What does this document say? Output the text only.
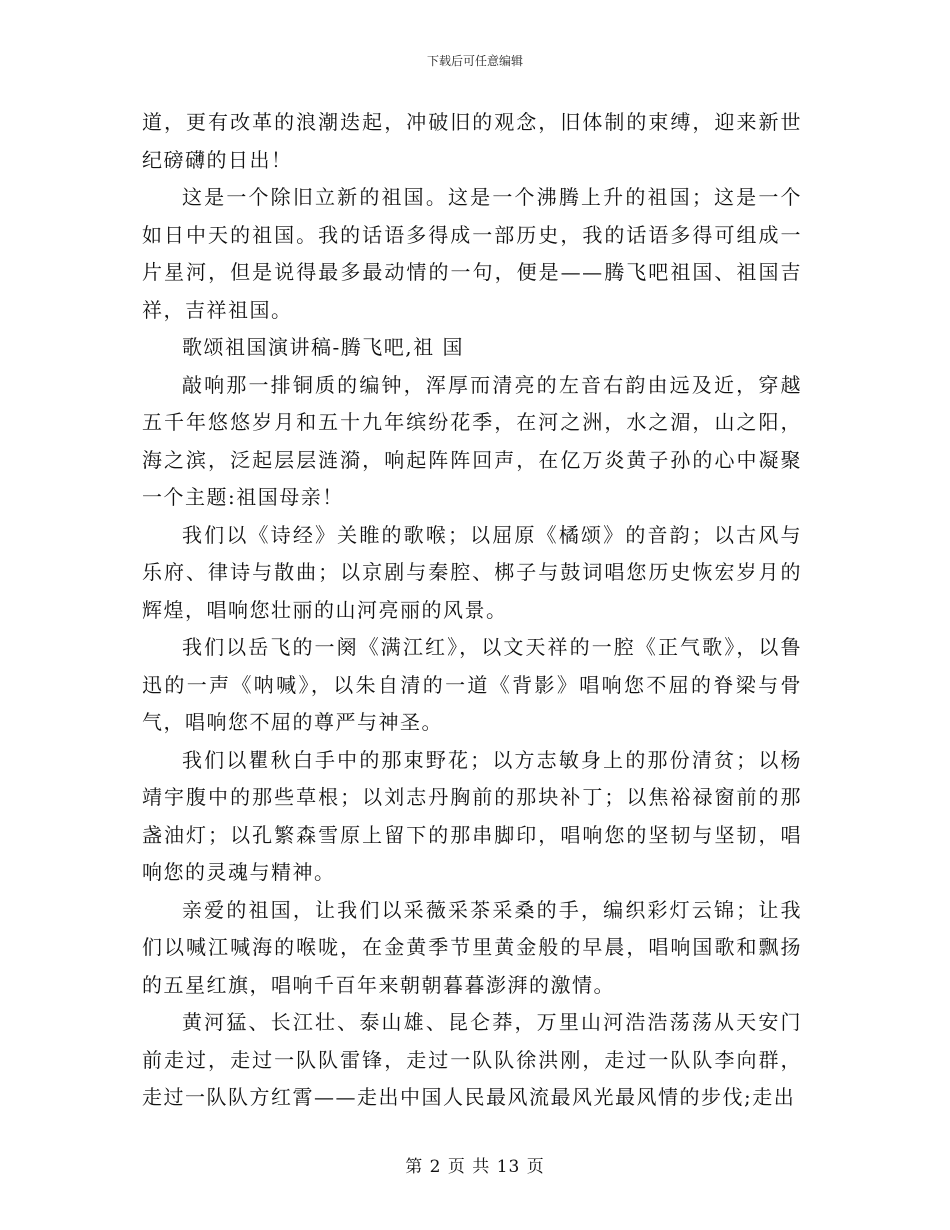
下载后可任意编辑

道，更有改革的浪潮迭起，冲破旧的观念，旧体制的束缚，迎来新世纪磅礴的日出！

这是一个除旧立新的祖国。这是一个沸腾上升的祖国；这是一个如日中天的祖国。我的话语多得成一部历史，我的话语多得可组成一片星河，但是说得最多最动情的一句，便是——腾飞吧祖国、祖国吉祥，吉祥祖国。

歌颂祖国演讲稿-腾飞吧,祖 国

敲响那一排铜质的编钟，浑厚而清亮的左音右韵由远及近，穿越五千年悠悠岁月和五十九年缤纷花季，在河之洲，水之湄，山之阳，海之滨，泛起层层涟漪，响起阵阵回声，在亿万炎黄子孙的心中凝聚一个主题:祖国母亲！

我们以《诗经》关睢的歌喉；以屈原《橘颂》的音韵；以古风与乐府、律诗与散曲；以京剧与秦腔、梆子与鼓词唱您历史恢宏岁月的辉煌，唱响您壮丽的山河亮丽的风景。

我们以岳飞的一阕《满江红》，以文天祥的一腔《正气歌》，以鲁迅的一声《呐喊》，以朱自清的一道《背影》唱响您不屈的脊梁与骨气，唱响您不屈的尊严与神圣。

我们以瞿秋白手中的那束野花；以方志敏身上的那份清贫；以杨靖宇腹中的那些草根；以刘志丹胸前的那块补丁；以焦裕禄窗前的那盏油灯；以孔繁森雪原上留下的那串脚印，唱响您的坚韧与坚韧，唱响您的灵魂与精神。

亲爱的祖国，让我们以采薇采茶采桑的手，编织彩灯云锦；让我们以喊江喊海的喉咙，在金黄季节里黄金般的早晨，唱响国歌和飘扬的五星红旗，唱响千百年来朝朝暮暮澎湃的激情。

黄河猛、长江壮、泰山雄、昆仑莽，万里山河浩浩荡荡从天安门前走过，走过一队队雷锋，走过一队队徐洪刚，走过一队队李向群，走过一队队方红霄——走出中国人民最风流最风光最风情的步伐;走出

第 2 页 共 13 页
